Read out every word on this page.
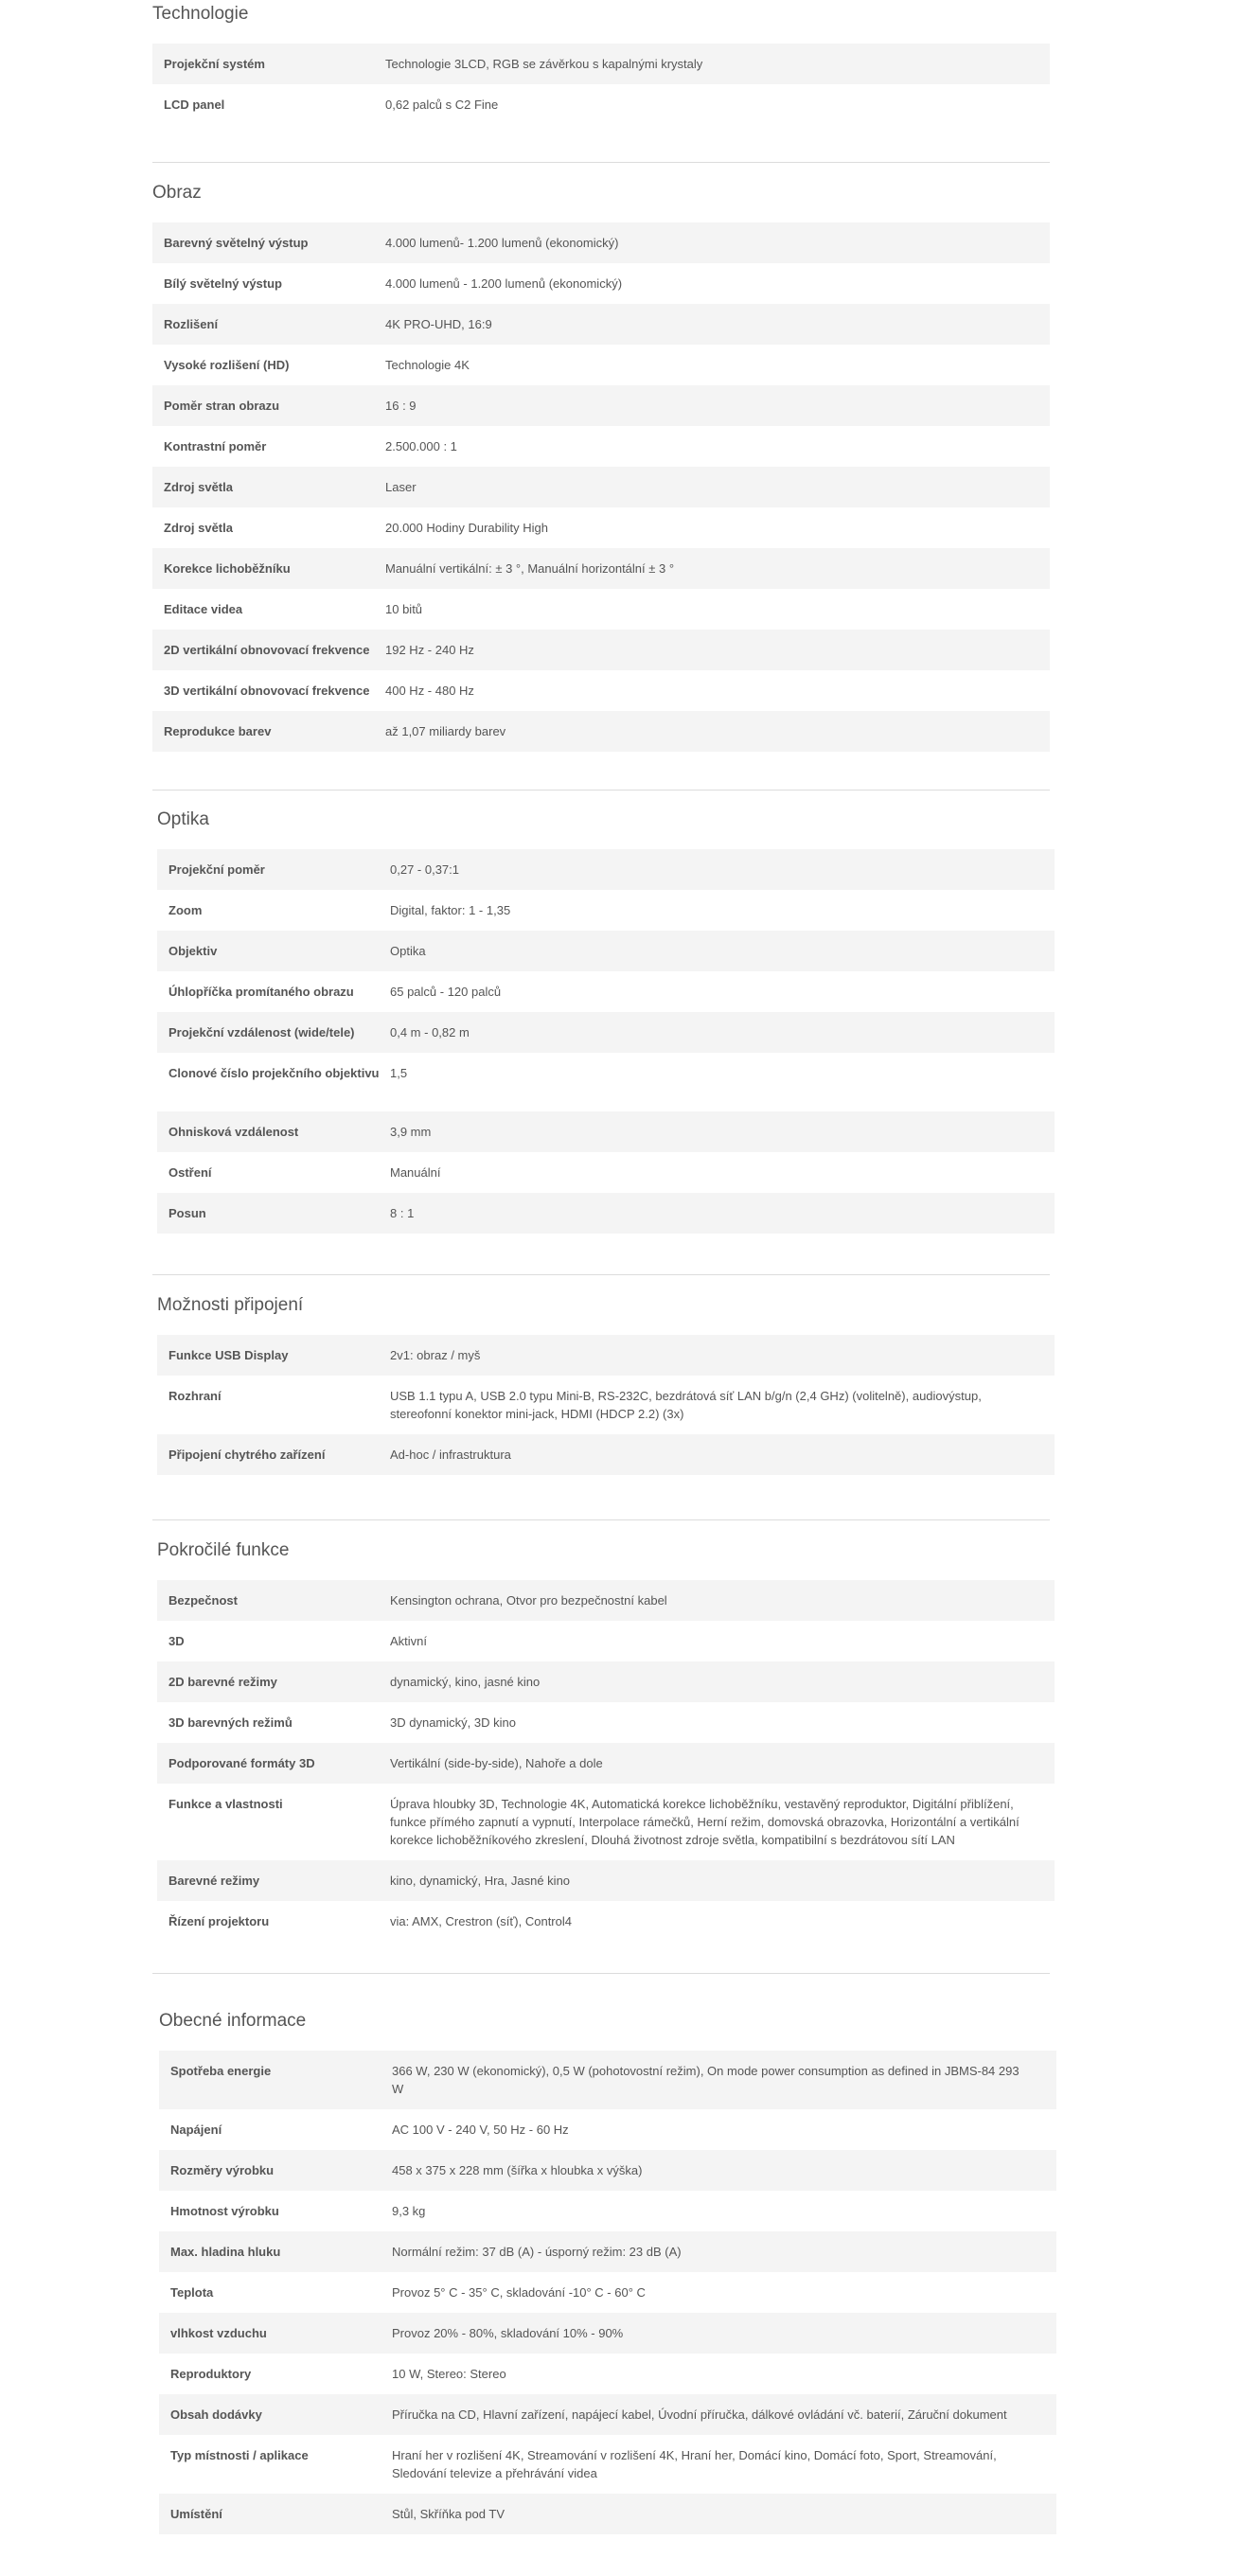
Technologie
Projekční systém	Technologie 3LCD, RGB se závěrkou s kapalnými krystaly
LCD panel	0,62 palců s C2 Fine
Obraz
Barevný světelný výstup	4.000 lumenů- 1.200 lumenů (ekonomický)
Bílý světelný výstup	4.000 lumenů - 1.200 lumenů (ekonomický)
Rozlišení	4K PRO-UHD, 16:9
Vysoké rozlišení (HD)	Technologie 4K
Poměr stran obrazu	16 : 9
Kontrastní poměr	2.500.000 : 1
Zdroj světla	Laser
Zdroj světla	20.000 Hodiny Durability High
Korekce lichoběžníku	Manuální vertikální: ± 3 °, Manuální horizontální ± 3 °
Editace videa	10 bitů
2D vertikální obnovovací frekvence	192 Hz - 240 Hz
3D vertikální obnovovací frekvence	400 Hz - 480 Hz
Reprodukce barev	až 1,07 miliardy barev
Optika
Projekční poměr	0,27 - 0,37:1
Zoom	Digital, faktor: 1 - 1,35
Objektiv	Optika
Úhlopříčka promítaného obrazu	65 palců - 120 palců
Projekční vzdálenost (wide/tele)	0,4 m - 0,82 m
Clonové číslo projekčního objektivu 1,5
Ohnisková vzdálenost	3,9 mm
Ostření	Manuální
Posun	8 : 1
Možnosti připojení
Funkce USB Display	2v1: obraz / myš
Rozhraní	USB 1.1 typu A, USB 2.0 typu Mini-B, RS-232C, bezdrátová síť LAN b/g/n (2,4 GHz) (volitelně), audiovýstup, stereofonní konektor mini-jack, HDMI (HDCP 2.2) (3x)
Připojení chytrého zařízení	Ad-hoc / infrastruktura
Pokročilé funkce
Bezpečnost	Kensington ochrana, Otvor pro bezpečnostní kabel
3D	Aktivní
2D barevné režimy	dynamický, kino, jasné kino
3D barevných režimů	3D dynamický, 3D kino
Podporované formáty 3D	Vertikální (side-by-side), Nahoře a dole
Funkce a vlastnosti	Úprava hloubky 3D, Technologie 4K, Automatická korekce lichoběžníku, vestavěný reproduktor, Digitální přiblížení, funkce přímého zapnutí a vypnutí, Interpolace rámečků, Herní režim, domovská obrazovka, Horizontální a vertikální korekce lichoběžníkového zkreslení, Dlouhá životnost zdroje světla, kompatibilní s bezdrátovou sítí LAN
Barevné režimy	kino, dynamický, Hra, Jasné kino
Řízení projektoru	via: AMX, Crestron (síť), Control4
Obecné informace
Spotřeba energie	366 W, 230 W (ekonomický), 0,5 W (pohotovostní režim), On mode power consumption as defined in JBMS-84 293 W
Napájení	AC 100 V - 240 V, 50 Hz - 60 Hz
Rozměry výrobku	458 x 375 x 228 mm (šířka x hloubka x výška)
Hmotnost výrobku	9,3 kg
Max. hladina hluku	Normální režim: 37 dB (A) - úsporný režim: 23 dB (A)
Teplota	Provoz 5° C - 35° C, skladování -10° C - 60° C
vlhkost vzduchu	Provoz 20% - 80%, skladování 10% - 90%
Reproduktory	10 W, Stereo: Stereo
Obsah dodávky	Příručka na CD, Hlavní zařízení, napájecí kabel, Úvodní příručka, dálkové ovládání vč. baterií, Záruční dokument
Typ místnosti / aplikace	Hraní her v rozlišení 4K, Streamování v rozlišení 4K, Hraní her, Domácí kino, Domácí foto, Sport, Streamování, Sledování televize a přehrávání videa
Umístění	Stůl, Skříňka pod TV
